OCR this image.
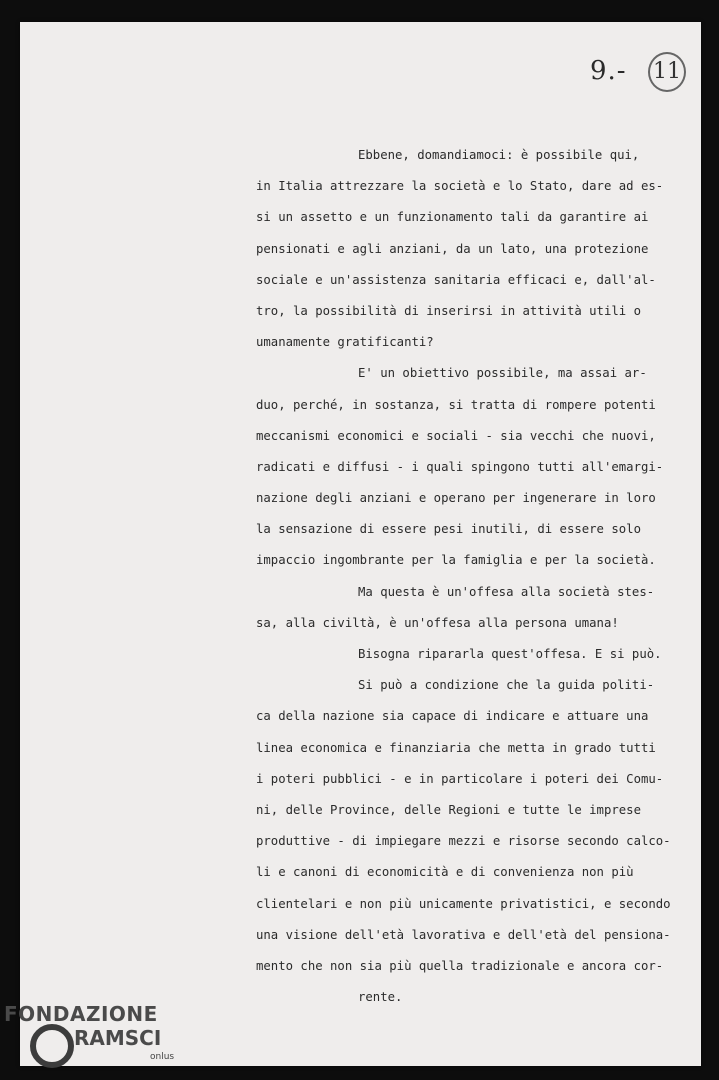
9.- 11
Ebbene, domandiamoci: è possibile qui,
in Italia attrezzare la società e lo Stato, dare ad es-
si un assetto e un funzionamento tali da garantire ai
pensionati e agli anziani, da un lato, una protezione
sociale e un'assistenza sanitaria efficaci e, dall'al-
tro, la possibilità di inserirsi in attività utili o
umanamente gratificanti?
E' un obiettivo possibile, ma assai ar-
duo, perché, in sostanza, si tratta di rompere potenti
meccanismi economici e sociali - sia vecchi che nuovi,
radicati e diffusi - i quali spingono tutti all'emargi-
nazione degli anziani e operano per ingenerare in loro
la sensazione di essere pesi inutili, di essere solo
impaccio ingombrante per la famiglia e per la società.
Ma questa è un'offesa alla società stes-
sa, alla civiltà, è un'offesa alla persona umana!
Bisogna ripararla quest'offesa. E si può.
Si può a condizione che la guida politi-
ca della nazione sia capace di indicare e attuare una
linea economica e finanziaria che metta in grado tutti
i poteri pubblici - e in particolare i poteri dei Comu-
ni, delle Province, delle Regioni e tutte le imprese
produttive - di impiegare mezzi e risorse secondo calco-
li e canoni di economicità e di convenienza non più
clientelari e non più unicamente privatistici, e secondo
una visione dell'età lavorativa e dell'età del pensiona-
mento che non sia più quella tradizionale e ancora cor-
rente.
FONDAZIONE
RAMSCI
onlus
